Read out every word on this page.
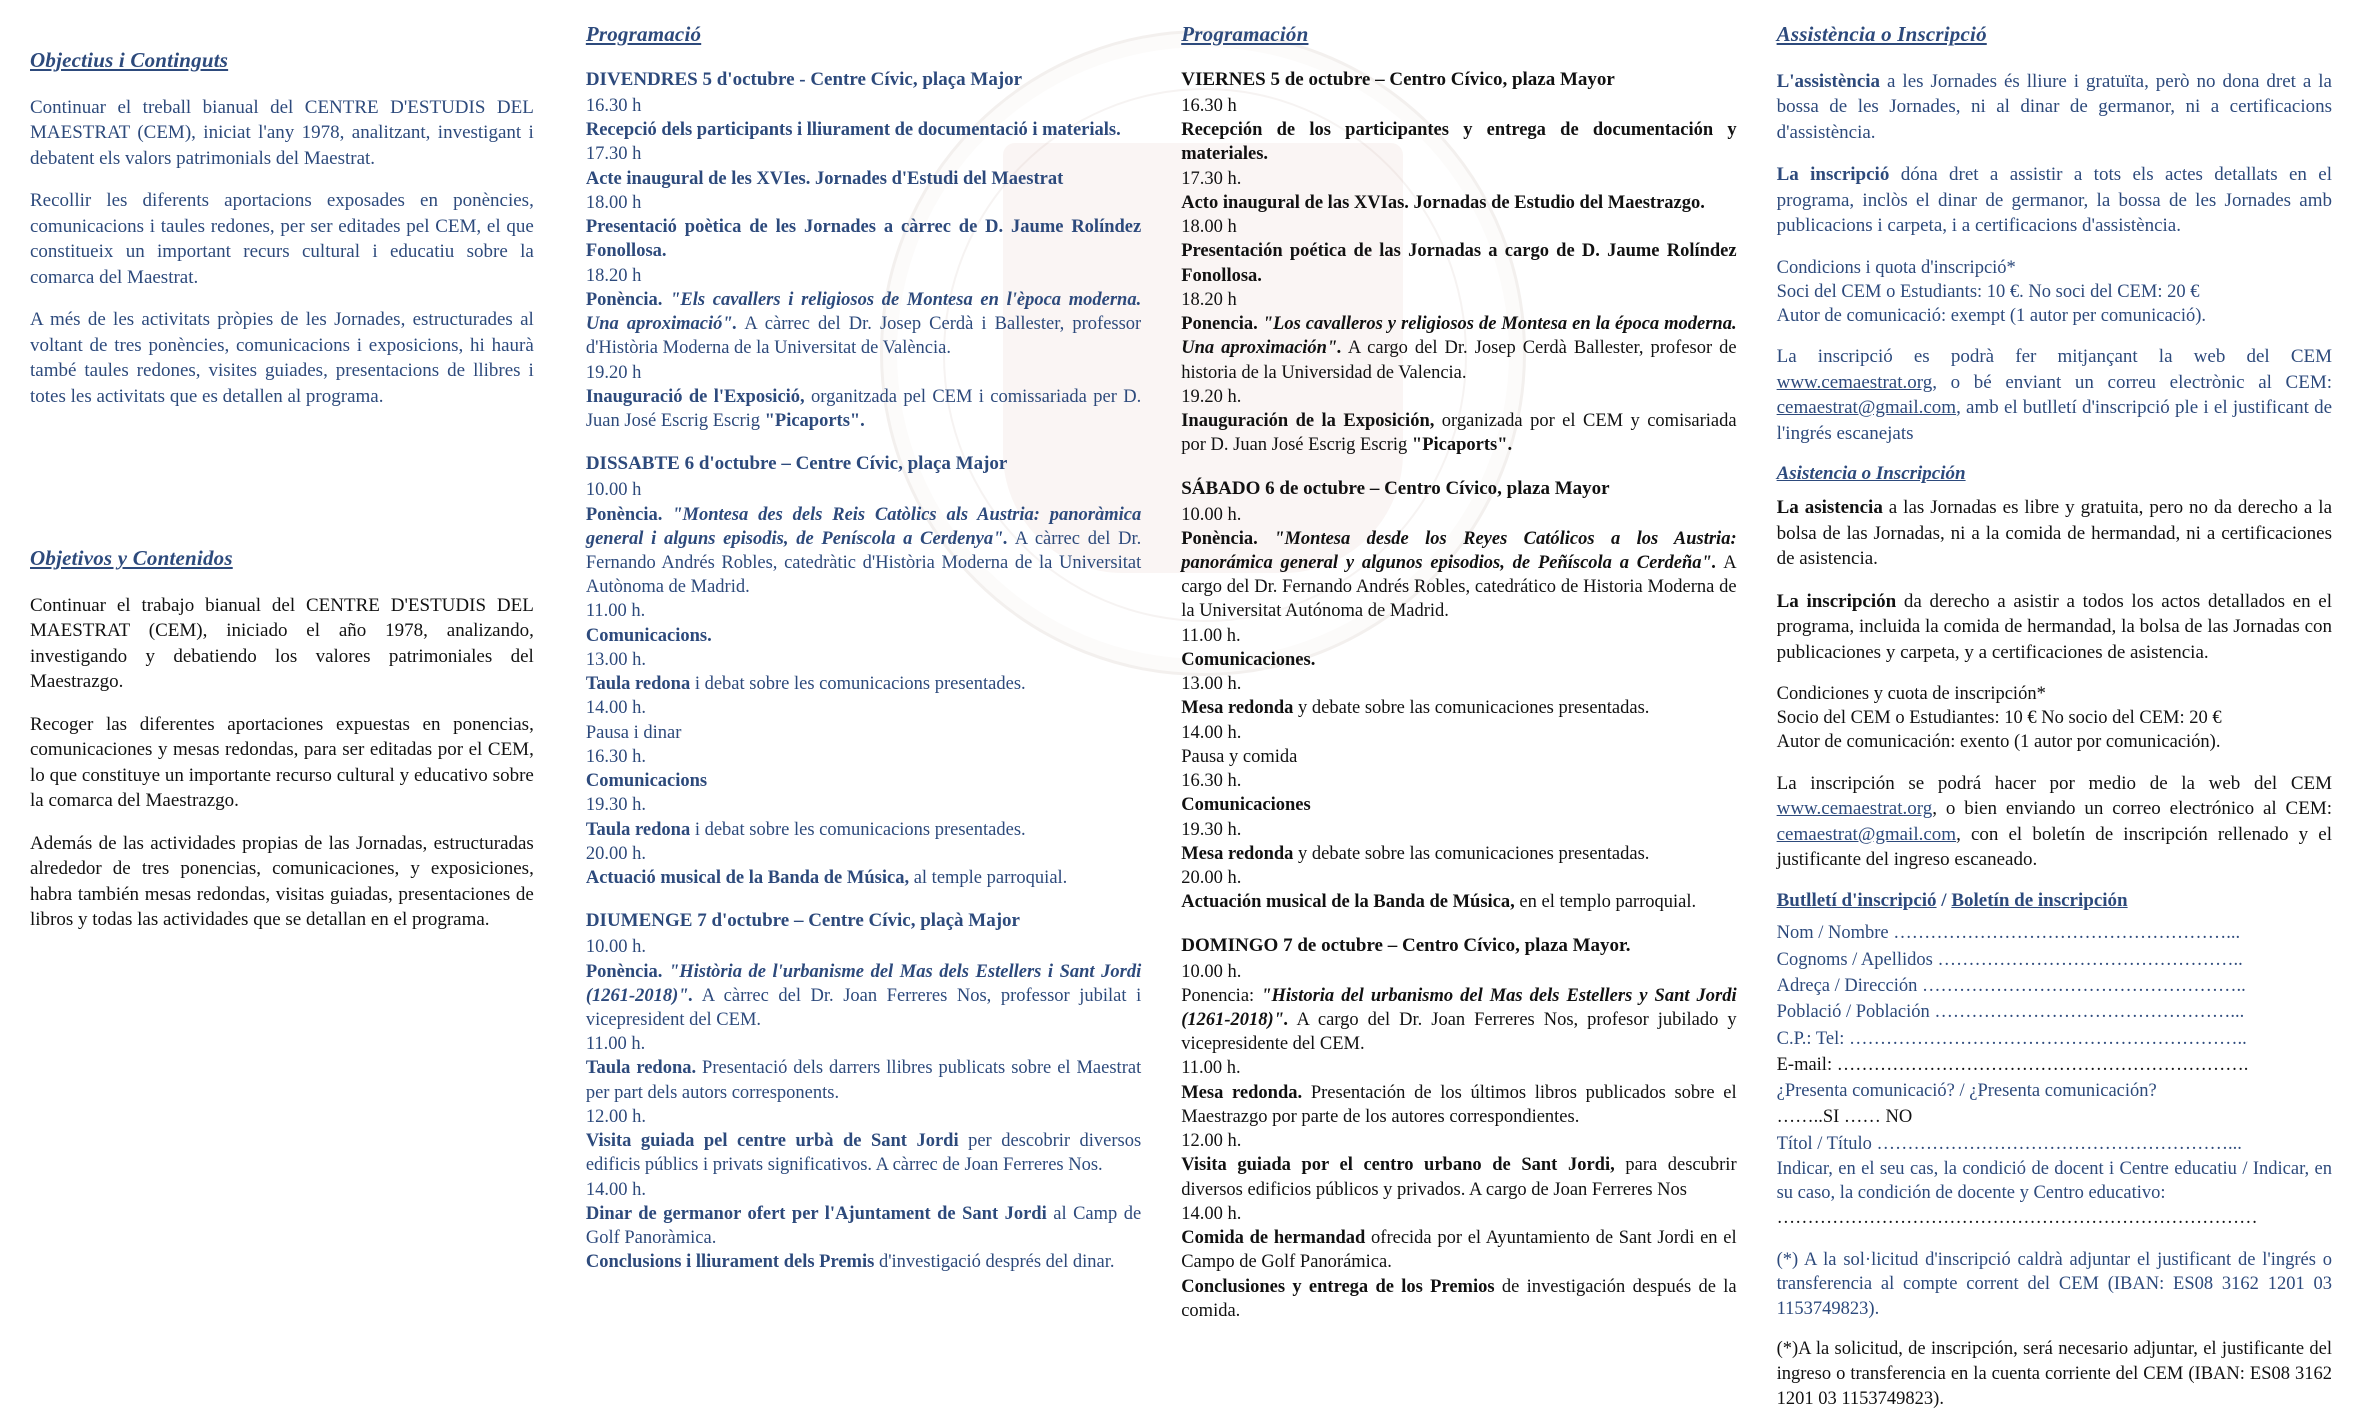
Objectius i Continguts

Continuar el treball bianual del CENTRE D'ESTUDIS DEL MAESTRAT (CEM), iniciat l'any 1978, analitzant, investigant i debatent els valors patrimonials del Maestrat.

Recollir les diferents aportacions exposades en ponències, comunicacions i taules redones, per ser editades pel CEM, el que constitueix un important recurs cultural i educatiu sobre la comarca del Maestrat.

A més de les activitats pròpies de les Jornades, estructurades al voltant de tres ponències, comunicacions i exposicions, hi haurà també taules redones, visites guiades, presentacions de llibres i totes les activitats que es detallen al programa.

Objetivos y Contenidos

Continuar el trabajo bianual del CENTRE D'ESTUDIS DEL MAESTRAT (CEM), iniciado el año 1978, analizando, investigando y debatiendo los valores patrimoniales del Maestrazgo.

Recoger las diferentes aportaciones expuestas en ponencias, comunicaciones y mesas redondas, para ser editadas por el CEM, lo que constituye un importante recurso cultural y educativo sobre la comarca del Maestrazgo.

Además de las actividades propias de las Jornadas, estructuradas alrededor de tres ponencias, comunicaciones, y exposiciones, habra también mesas redondas, visitas guiadas, presentaciones de libros y todas las actividades que se detallan en el programa.

Programació
DIVENDRES 5 d'octubre - Centre Cívic, plaça Major
16.30 h
Recepció dels participants i lliurament de documentació i materials.
17.30 h
Acte inaugural de les XVIes. Jornades d'Estudi del Maestrat
18.00 h
Presentació poètica de les Jornades a càrrec de D. Jaume Rolíndez Fonollosa.
18.20 h
Ponència. "Els cavallers i religiosos de Montesa en l'època moderna. Una aproximació". A càrrec del Dr. Josep Cerdà i Ballester, professor d'Història Moderna de la Universitat de València.
19.20 h
Inauguració de l'Exposició, organitzada pel CEM i comissariada per D. Juan José Escrig Escrig "Picaports".
DISSABTE 6 d'octubre – Centre Cívic, plaça Major
10.00 h
Ponència. "Montesa des dels Reis Catòlics als Austria: panoràmica general i alguns episodis, de Peníscola a Cerdenya". A càrrec del Dr. Fernando Andrés Robles, catedràtic d'Història Moderna de la Universitat Autònoma de Madrid.
11.00 h.
Comunicacions.
13.00 h.
Taula redona i debat sobre les comunicacions presentades.
14.00 h.
Pausa i dinar
16.30 h.
Comunicacions
19.30 h.
Taula redona i debat sobre les comunicacions presentades.
20.00 h.
Actuació musical de la Banda de Música, al temple parroquial.
DIUMENGE 7 d'octubre – Centre Cívic, plaçà Major
10.00 h.
Ponència. "Història de l'urbanisme del Mas dels Estellers i Sant Jordi (1261-2018)". A càrrec del Dr. Joan Ferreres Nos, professor jubilat i vicepresident del CEM.
11.00 h.
Taula redona. Presentació dels darrers llibres publicats sobre el Maestrat per part dels autors corresponents.
12.00 h.
Visita guiada pel centre urbà de Sant Jordi per descobrir diversos edificis públics i privats significativos. A càrrec de Joan Ferreres Nos.
14.00 h.
Dinar de germanor ofert per l'Ajuntament de Sant Jordi al Camp de Golf Panoràmica.
Conclusions i lliurament dels Premis d'investigació després del dinar.
Programación
VIERNES 5 de octubre – Centro Cívico, plaza Mayor
16.30 h
Recepción de los participantes y entrega de documentación y materiales.
17.30 h.
Acto inaugural de las XVIas. Jornadas de Estudio del Maestrazgo.
18.00 h
Presentación poética de las Jornadas a cargo de D. Jaume Rolíndez Fonollosa.
18.20 h
Ponencia. "Los cavalleros y religiosos de Montesa en la época moderna. Una aproximación". A cargo del Dr. Josep Cerdà Ballester, profesor de historia de la Universidad de Valencia.
19.20 h.
Inauguración de la Exposición, organizada por el CEM y comisariada por D. Juan José Escrig Escrig "Picaports".
SÁBADO 6 de octubre – Centro Cívico, plaza Mayor
10.00 h.
Ponència. "Montesa desde los Reyes Católicos a los Austria: panorámica general y algunos episodios, de Peñíscola a Cerdeña". A cargo del Dr. Fernando Andrés Robles, catedrático de Historia Moderna de la Universitat Autónoma de Madrid.
11.00 h.
Comunicaciones.
13.00 h.
Mesa redonda y debate sobre las comunicaciones presentadas.
14.00 h.
Pausa y comida
16.30 h.
Comunicaciones
19.30 h.
Mesa redonda y debate sobre las comunicaciones presentadas.
20.00 h.
Actuación musical de la Banda de Música, en el templo parroquial.
DOMINGO 7 de octubre – Centro Cívico, plaza Mayor.
10.00 h.
Ponencia: "Historia del urbanismo del Mas dels Estellers y Sant Jordi (1261-2018)". A cargo del Dr. Joan Ferreres Nos, profesor jubilado y vicepresidente del CEM.
11.00 h.
Mesa redonda. Presentación de los últimos libros publicados sobre el Maestrazgo por parte de los autores correspondientes.
12.00 h.
Visita guiada por el centro urbano de Sant Jordi, para descubrir diversos edificios públicos y privados. A cargo de Joan Ferreres Nos
14.00 h.
Comida de hermandad ofrecida por el Ayuntamiento de Sant Jordi en el Campo de Golf Panorámica.
Conclusiones y entrega de los Premios de investigación después de la comida.
Assistència o Inscripció

L'assistència a les Jornades és lliure i gratuïta, però no dona dret a la bossa de les Jornades, ni al dinar de germanor, ni a certificacions d'assistència.

La inscripció dóna dret a assistir a tots els actes detallats en el programa, inclòs el dinar de germanor, la bossa de les Jornades amb publicacions i carpeta, i a certificacions d'assistència.

Condicions i quota d'inscripció*
Soci del CEM o Estudiants: 10 €. No soci del CEM: 20 €
Autor de comunicació: exempt (1 autor per comunicació).

La inscripció es podrà fer mitjançant la web del CEM www.cemaestrat.org, o bé enviant un correu electrònic al CEM: cemaestrat@gmail.com, amb el butlletí d'inscripció ple i el justificant de l'ingrés escanejats

Asistencia o Inscripción

La asistencia a las Jornadas es libre y gratuita, pero no da derecho a la bolsa de las Jornadas, ni a la comida de hermandad, ni a certificaciones de asistencia.

La inscripción da derecho a asistir a todos los actos detallados en el programa, incluida la comida de hermandad, la bolsa de las Jornadas con publicaciones y carpeta, y a certificaciones de asistencia.

Condiciones y cuota de inscripción*
Socio del CEM o Estudiantes: 10 € No socio del CEM: 20 €
Autor de comunicación: exento (1 autor por comunicación).

La inscripción se podrá hacer por medio de la web del CEM www.cemaestrat.org, o bien enviando un correo electrónico al CEM: cemaestrat@gmail.com, con el boletín de inscripción rellenado y el justificante del ingreso escaneado.

Butlletí d'inscripció / Boletín de inscripción
Nom / Nombre ………………………………………………...
Cognoms / Apellidos …………………………………………..
Adreça / Dirección ……………………………………………..
Població / Población …………………………………………...
C.P.: Tel: ………………………………………………………..
E-mail: ………………………………………………………….
¿Presenta comunicació? / ¿Presenta comunicación?
……..SI …… NO
Títol / Título …………………………………………………...
Indicar, en el seu cas, la condició de docent i Centre educatiu / Indicar, en su caso, la condición de docente y Centro educativo:
……………………………………………………………………
(*) A la sol·licitud d'inscripció caldrà adjuntar el justificant de l'ingrés o transferencia al compte corrent del CEM (IBAN: ES08 3162 1201 03 1153749823).
(*)A la solicitud, de inscripción, será necesario adjuntar, el justificante del ingreso o transferencia en la cuenta corriente del CEM (IBAN: ES08 3162 1201 03 1153749823).
